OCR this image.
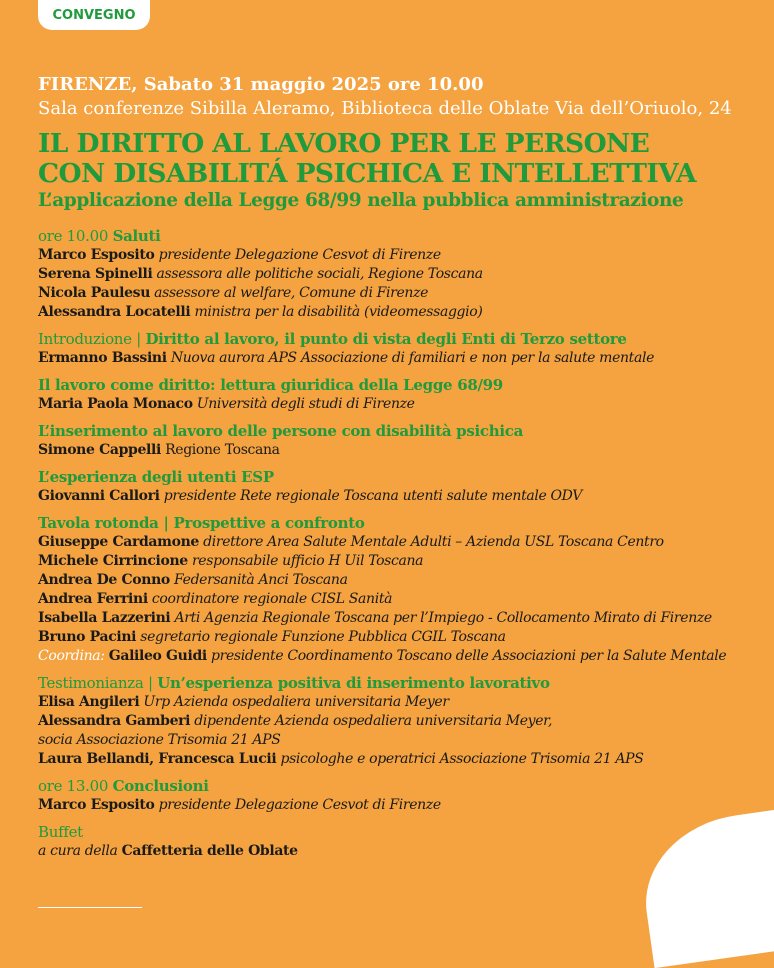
CONVEGNO
FIRENZE, Sabato 31 maggio 2025 ore 10.00
Sala conferenze Sibilla Aleramo, Biblioteca delle Oblate Via dell’Oriuolo, 24
IL DIRITTO AL LAVORO PER LE PERSONE
CON DISABILITÁ PSICHICA E INTELLETTIVA
L’applicazione della Legge 68/99 nella pubblica amministrazione
ore 10.00 Saluti
Marco Esposito presidente Delegazione Cesvot di Firenze
Serena Spinelli assessora alle politiche sociali, Regione Toscana
Nicola Paulesu assessore al welfare, Comune di Firenze
Alessandra Locatelli ministra per la disabilità (videomessaggio)
Introduzione | Diritto al lavoro, il punto di vista degli Enti di Terzo settore
Ermanno Bassini Nuova aurora APS Associazione di familiari e non per la salute mentale
Il lavoro come diritto: lettura giuridica della Legge 68/99
Maria Paola Monaco Università degli studi di Firenze
L’inserimento al lavoro delle persone con disabilità psichica
Simone Cappelli Regione Toscana
L’esperienza degli utenti ESP
Giovanni Callori presidente Rete regionale Toscana utenti salute mentale ODV
Tavola rotonda | Prospettive a confronto
Giuseppe Cardamone direttore Area Salute Mentale Adulti – Azienda USL Toscana Centro
Michele Cirrincione responsabile ufficio H Uil Toscana
Andrea De Conno Federsanità Anci Toscana
Andrea Ferrini coordinatore regionale CISL Sanità
Isabella Lazzerini Arti Agenzia Regionale Toscana per l’Impiego - Collocamento Mirato di Firenze
Bruno Pacini segretario regionale Funzione Pubblica CGIL Toscana
Coordina: Galileo Guidi presidente Coordinamento Toscano delle Associazioni per la Salute Mentale
Testimonianza | Un’esperienza positiva di inserimento lavorativo
Elisa Angileri Urp Azienda ospedaliera universitaria Meyer
Alessandra Gamberi dipendente Azienda ospedaliera universitaria Meyer,
socia Associazione Trisomia 21 APS
Laura Bellandi, Francesca Lucii psicologhe e operatrici Associazione Trisomia 21 APS
ore 13.00 Conclusioni
Marco Esposito presidente Delegazione Cesvot di Firenze
Buffet
a cura della Caffetteria delle Oblate
